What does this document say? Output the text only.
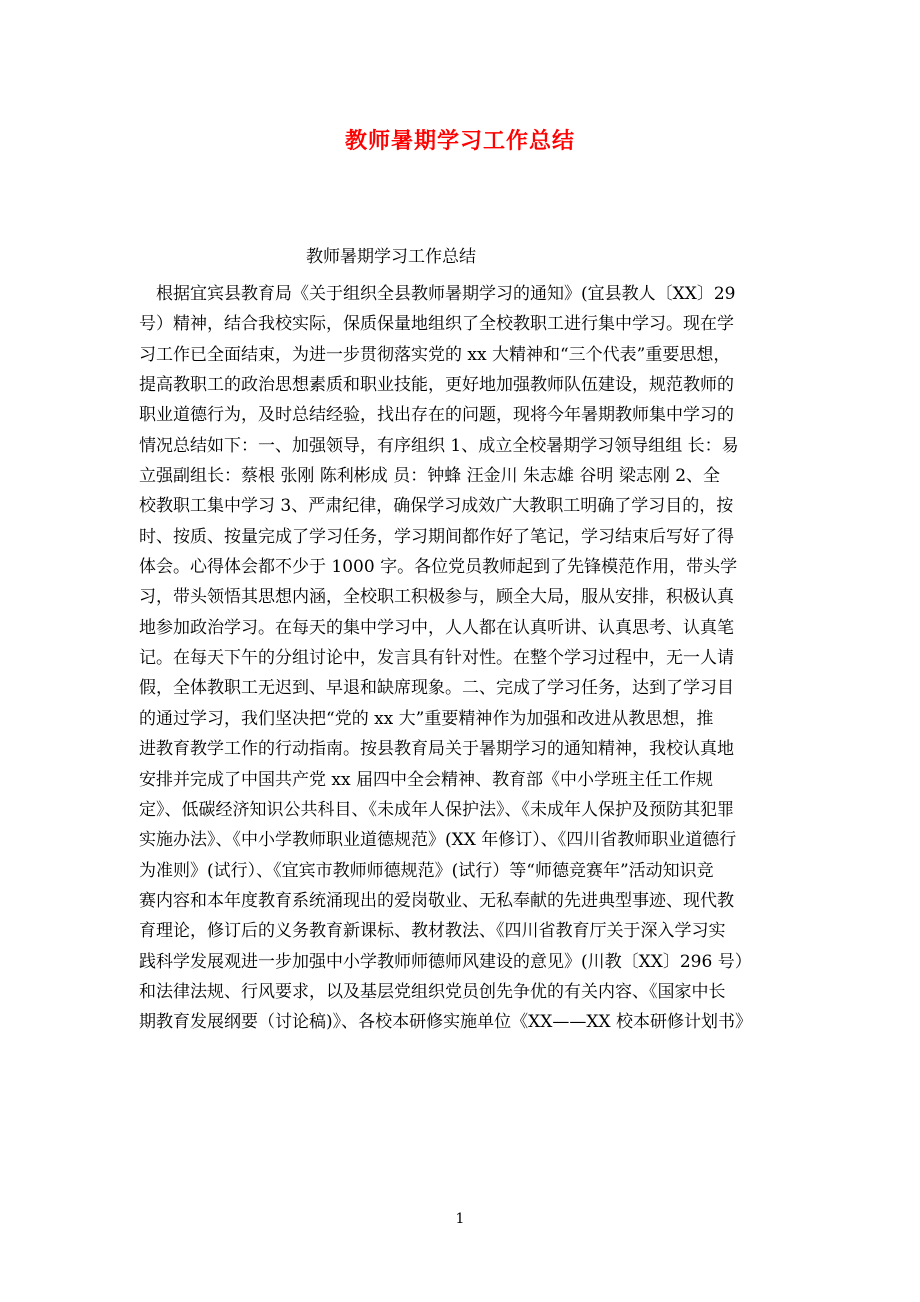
教师暑期学习工作总结
教师暑期学习工作总结
根据宜宾县教育局《关于组织全县教师暑期学习的通知》(宜县教人〔XX〕29
号）精神，结合我校实际，保质保量地组织了全校教职工进行集中学习。现在学
习工作已全面结束，为进一步贯彻落实党的 xx 大精神和“三个代表”重要思想，
提高教职工的政治思想素质和职业技能，更好地加强教师队伍建设，规范教师的
职业道德行为，及时总结经验，找出存在的问题，现将今年暑期教师集中学习的
情况总结如下：一、加强领导，有序组织 1、成立全校暑期学习领导组组 长：易
立强副组长：蔡根 张刚 陈利彬成 员：钟蜂 汪金川 朱志雄 谷明 梁志刚 2、全
校教职工集中学习 3、严肃纪律，确保学习成效广大教职工明确了学习目的，按
时、按质、按量完成了学习任务，学习期间都作好了笔记，学习结束后写好了得
体会。心得体会都不少于 1000 字。各位党员教师起到了先锋模范作用，带头学
习，带头领悟其思想内涵，全校职工积极参与，顾全大局，服从安排，积极认真
地参加政治学习。在每天的集中学习中，人人都在认真听讲、认真思考、认真笔
记。在每天下午的分组讨论中，发言具有针对性。在整个学习过程中，无一人请
假，全体教职工无迟到、早退和缺席现象。二、完成了学习任务，达到了学习目
的通过学习，我们坚决把“党的 xx 大”重要精神作为加强和改进从教思想，推
进教育教学工作的行动指南。按县教育局关于暑期学习的通知精神，我校认真地
安排并完成了中国共产党 xx 届四中全会精神、教育部《中小学班主任工作规
定》、低碳经济知识公共科目、《未成年人保护法》、《未成年人保护及预防其犯罪
实施办法》、《中小学教师职业道德规范》(XX 年修订）、《四川省教师职业道德行
为准则》(试行）、《宜宾市教师师德规范》(试行）等“师德竞赛年”活动知识竞
赛内容和本年度教育系统涌现出的爱岗敬业、无私奉献的先进典型事迹、现代教
育理论，修订后的义务教育新课标、教材教法、《四川省教育厅关于深入学习实
践科学发展观进一步加强中小学教师师德师风建设的意见》(川教〔XX〕296 号）
和法律法规、行风要求，以及基层党组织党员创先争优的有关内容、《国家中长
期教育发展纲要（讨论稿)》、各校本研修实施单位《XX——XX 校本研修计划书》
1
